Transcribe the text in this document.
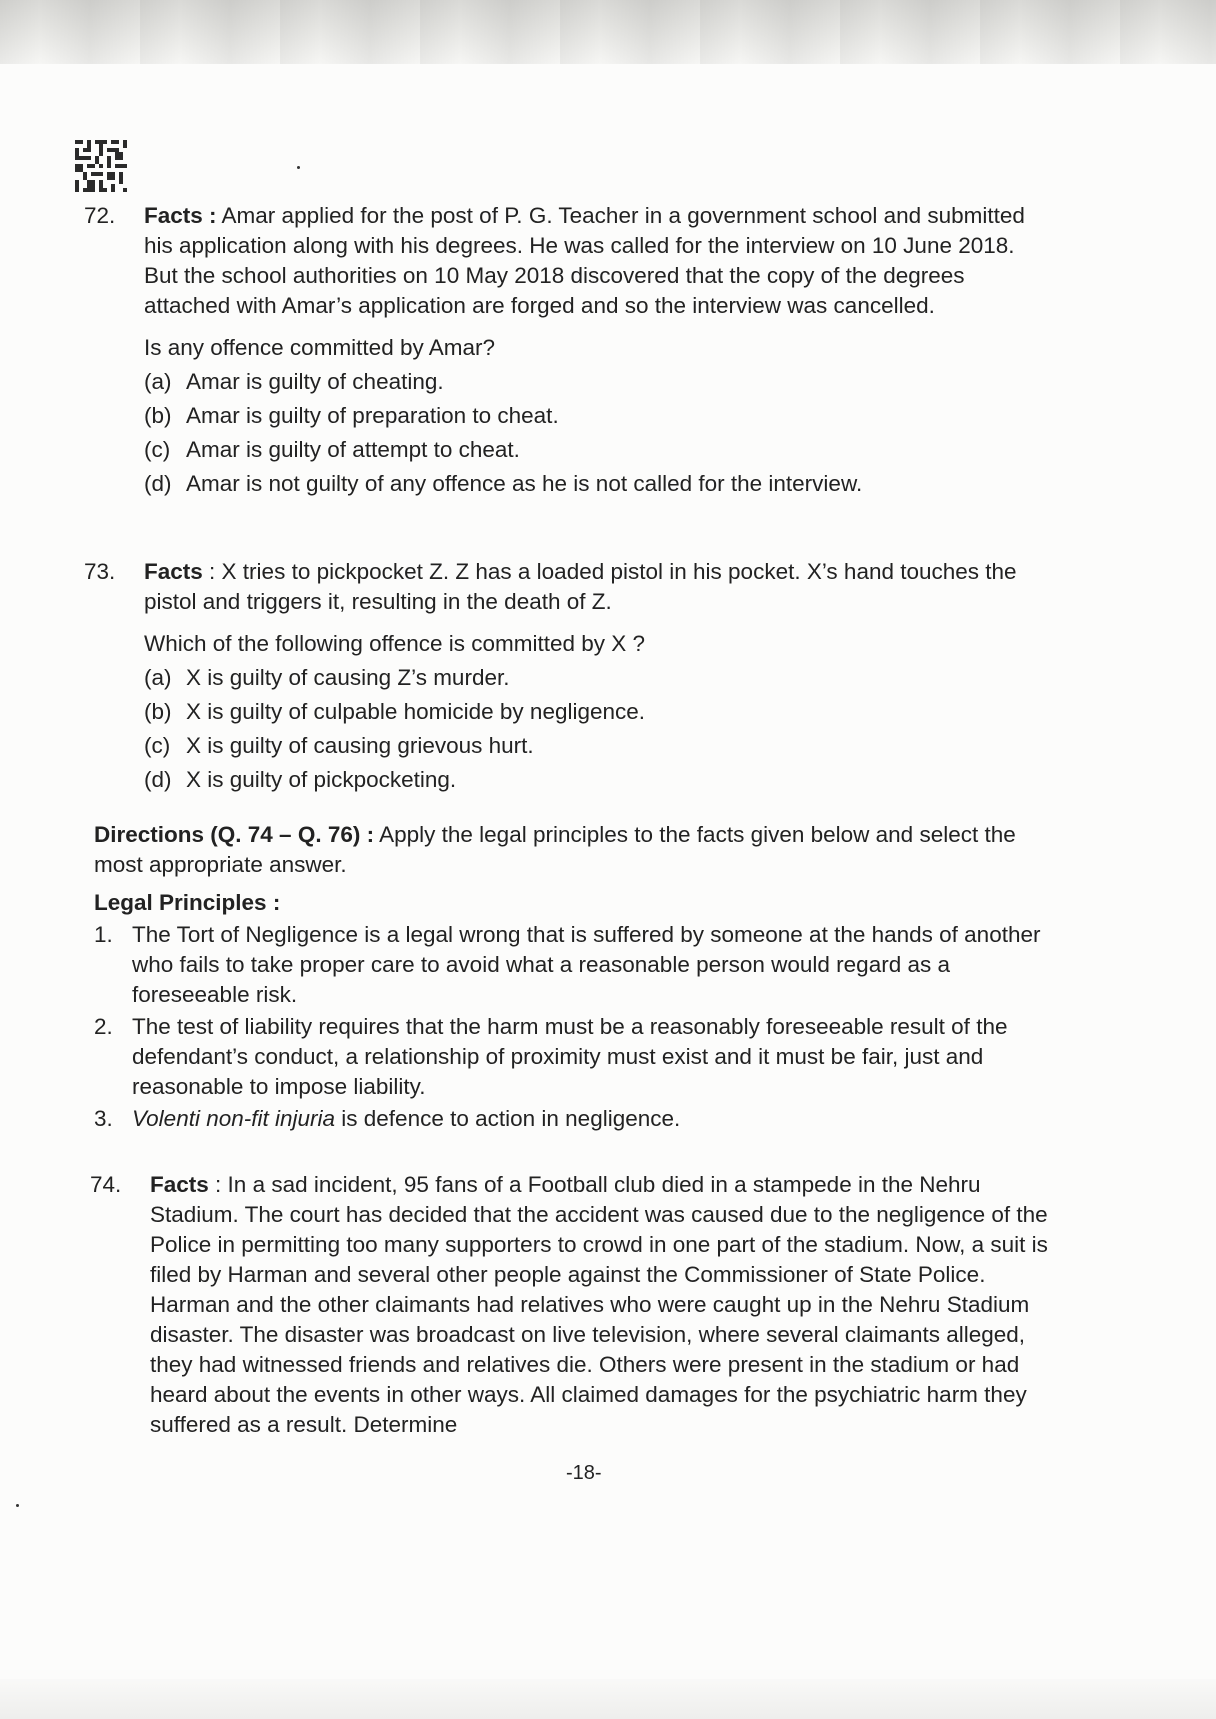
72.	Facts : Amar applied for the post of P. G. Teacher in a government school and submitted his application along with his degrees. He was called for the interview on 10 June 2018. But the school authorities on 10 May 2018 discovered that the copy of the degrees attached with Amar’s application are forged and so the interview was cancelled.

Is any offence committed by Amar?

(a) Amar is guilty of cheating.

(b) Amar is guilty of preparation to cheat.

(c) Amar is guilty of attempt to cheat.

(d) Amar is not guilty of any offence as he is not called for the interview.

73.	Facts : X tries to pickpocket Z. Z has a loaded pistol in his pocket. X’s hand touches the pistol and triggers it, resulting in the death of Z.

Which of the following offence is committed by X ?

(a) X is guilty of causing Z’s murder.

(b) X is guilty of culpable homicide by negligence.

(c) X is guilty of causing grievous hurt.

(d) X is guilty of pickpocketing.

Directions (Q. 74 – Q. 76) : Apply the legal principles to the facts given below and select the most appropriate answer.

Legal Principles :

1. The Tort of Negligence is a legal wrong that is suffered by someone at the hands of another who fails to take proper care to avoid what a reasonable person would regard as a foreseeable risk.

2. The test of liability requires that the harm must be a reasonably foreseeable result of the defendant’s conduct, a relationship of proximity must exist and it must be fair, just and reasonable to impose liability.

3. Volenti non-fit injuria is defence to action in negligence.

74.	Facts : In a sad incident, 95 fans of a Football club died in a stampede in the Nehru Stadium. The court has decided that the accident was caused due to the negligence of the Police in permitting too many supporters to crowd in one part of the stadium. Now, a suit is filed by Harman and several other people against the Commissioner of State Police. Harman and the other claimants had relatives who were caught up in the Nehru Stadium disaster. The disaster was broadcast on live television, where several claimants alleged, they had witnessed friends and relatives die. Others were present in the stadium or had heard about the events in other ways. All claimed damages for the psychiatric harm they suffered as a result. Determine

-18-
